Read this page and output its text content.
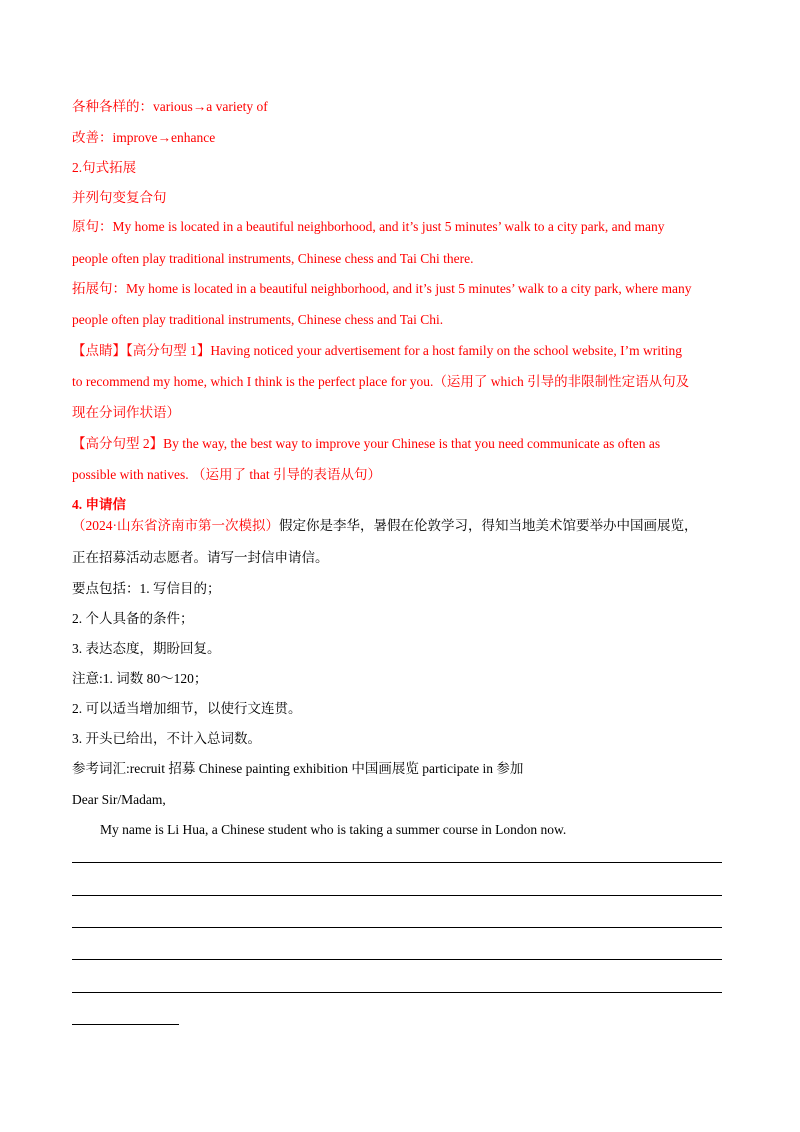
各种各样的：various→a variety of
改善：improve→enhance
2.句式拓展
并列句变复合句
原句：My home is located in a beautiful neighborhood, and it’s just 5 minutes’ walk to a city park, and many
people often play traditional instruments, Chinese chess and Tai Chi there.
拓展句：My home is located in a beautiful neighborhood, and it’s just 5 minutes’ walk to a city park, where many
people often play traditional instruments, Chinese chess and Tai Chi.
【点睛】【高分句型 1】Having noticed your advertisement for a host family on the school website, I’m writing
to recommend my home, which I think is the perfect place for you.（运用了 which 引导的非限制性定语从句及
现在分词作状语）
【高分句型 2】By the way, the best way to improve your Chinese is that you need communicate as often as
possible with natives. （运用了 that 引导的表语从句）
4. 申请信
（2024·山东省济南市第一次模拟）假定你是李华，暑假在伦敦学习，得知当地美术馆要举办中国画展览，
正在招募活动志愿者。请写一封信申请信。
要点包括：1. 写信目的；
2. 个人具备的条件；
3. 表达态度，期盼回复。
注意:1. 词数 80～120；
2. 可以适当增加细节，以使行文连贯。
3. 开头已给出，不计入总词数。
参考词汇:recruit 招募 Chinese painting exhibition 中国画展览 participate in 参加
Dear Sir/Madam,
My name is Li Hua, a Chinese student who is taking a summer course in London now.
